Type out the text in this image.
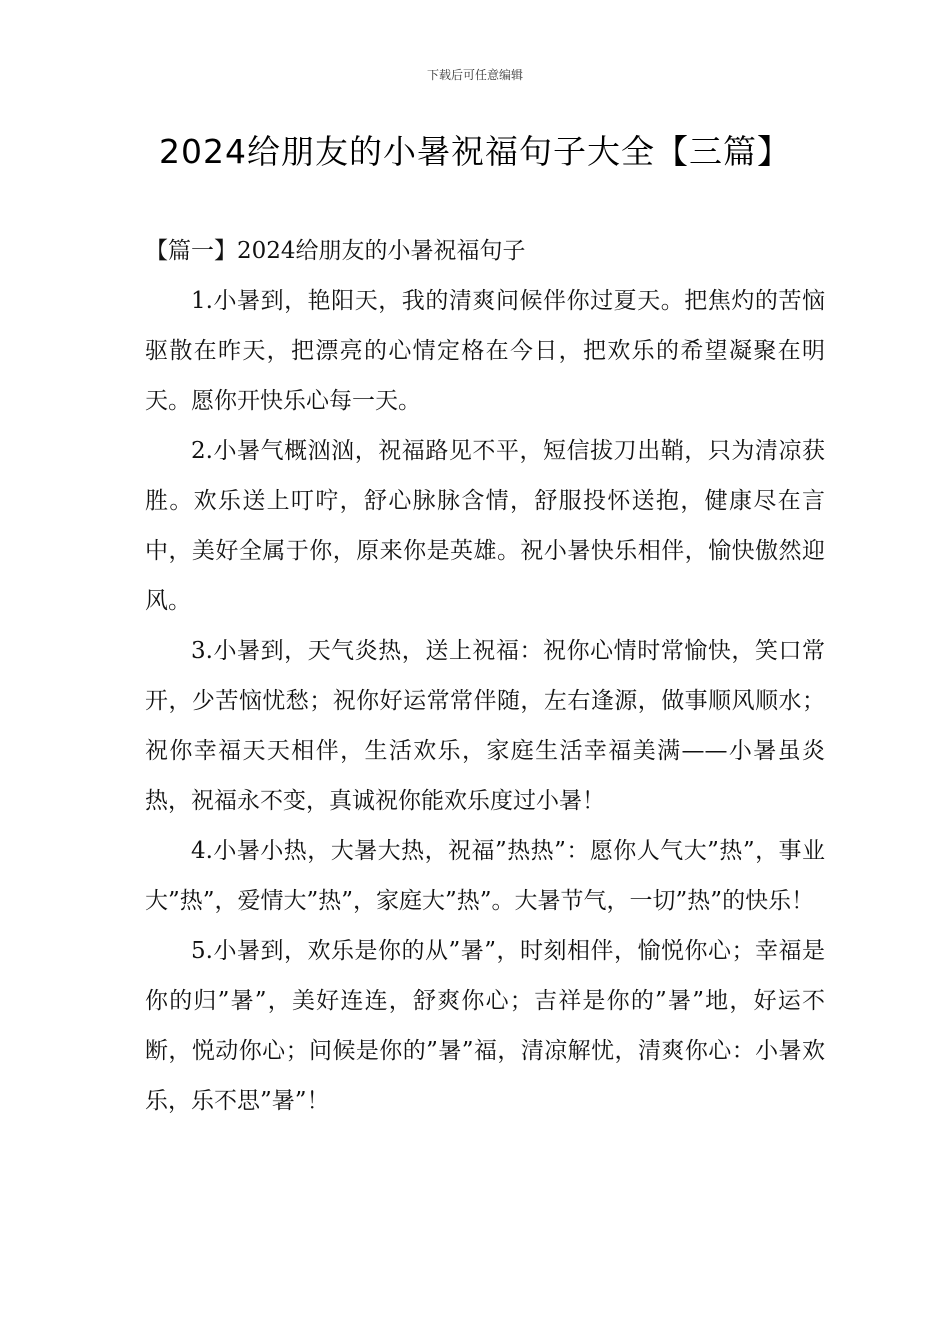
下载后可任意编辑
2024给朋友的小暑祝福句子大全【三篇】

【篇一】2024给朋友的小暑祝福句子

1.小暑到，艳阳天，我的清爽问候伴你过夏天。把焦灼的苦恼驱散在昨天，把漂亮的心情定格在今日，把欢乐的希望凝聚在明天。愿你开快乐心每一天。

2.小暑气概汹汹，祝福路见不平，短信拔刀出鞘，只为清凉获胜。欢乐送上叮咛，舒心脉脉含情，舒服投怀送抱，健康尽在言中，美好全属于你，原来你是英雄。祝小暑快乐相伴，愉快傲然迎风。

3.小暑到，天气炎热，送上祝福：祝你心情时常愉快，笑口常开，少苦恼忧愁；祝你好运常常伴随，左右逢源，做事顺风顺水；祝你幸福天天相伴，生活欢乐，家庭生活幸福美满——小暑虽炎热，祝福永不变，真诚祝你能欢乐度过小暑！

4.小暑小热，大暑大热，祝福”热热”：愿你人气大”热”，事业大”热”，爱情大”热”，家庭大”热”。大暑节气，一切”热”的快乐！

5.小暑到，欢乐是你的从”暑”，时刻相伴，愉悦你心；幸福是你的归”暑”，美好连连，舒爽你心；吉祥是你的”暑”地，好运不断，悦动你心；问候是你的”暑”福，清凉解忧，清爽你心：小暑欢乐，乐不思”暑”！
